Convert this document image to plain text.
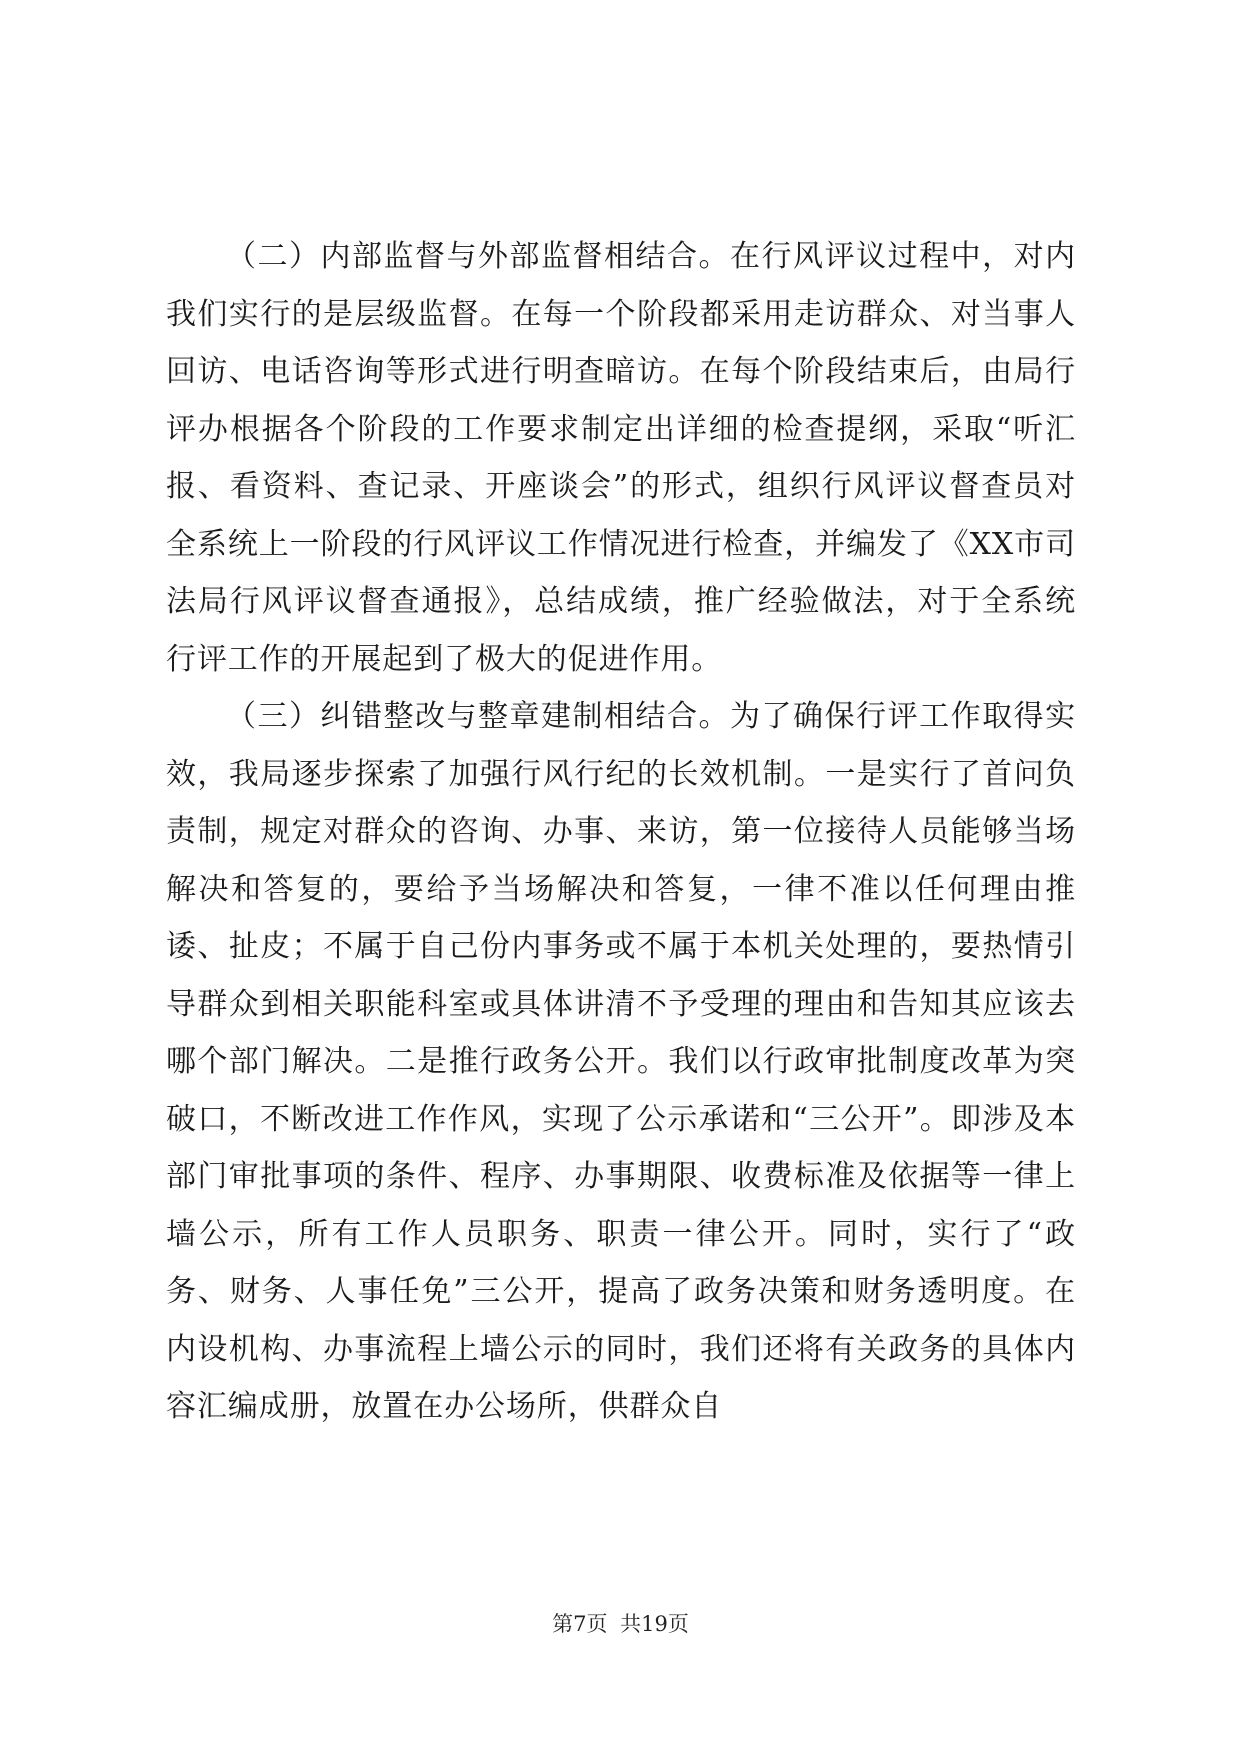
（二）内部监督与外部监督相结合。在行风评议过程中，对内我们实行的是层级监督。在每一个阶段都采用走访群众、对当事人回访、电话咨询等形式进行明查暗访。在每个阶段结束后，由局行评办根据各个阶段的工作要求制定出详细的检查提纲，采取“听汇报、看资料、查记录、开座谈会”的形式，组织行风评议督查员对全系统上一阶段的行风评议工作情况进行检查，并编发了《XX市司法局行风评议督查通报》，总结成绩，推广经验做法，对于全系统行评工作的开展起到了极大的促进作用。

（三）纠错整改与整章建制相结合。为了确保行评工作取得实效，我局逐步探索了加强行风行纪的长效机制。一是实行了首问负责制，规定对群众的咨询、办事、来访，第一位接待人员能够当场解决和答复的，要给予当场解决和答复，一律不准以任何理由推诿、扯皮；不属于自己份内事务或不属于本机关处理的，要热情引导群众到相关职能科室或具体讲清不予受理的理由和告知其应该去哪个部门解决。二是推行政务公开。我们以行政审批制度改革为突破口，不断改进工作作风，实现了公示承诺和“三公开”。即涉及本部门审批事项的条件、程序、办事期限、收费标准及依据等一律上墙公示，所有工作人员职务、职责一律公开。同时，实行了“政务、财务、人事任免”三公开，提高了政务决策和财务透明度。在内设机构、办事流程上墙公示的同时，我们还将有关政务的具体内容汇编成册，放置在办公场所，供群众自

第7页 共19页
